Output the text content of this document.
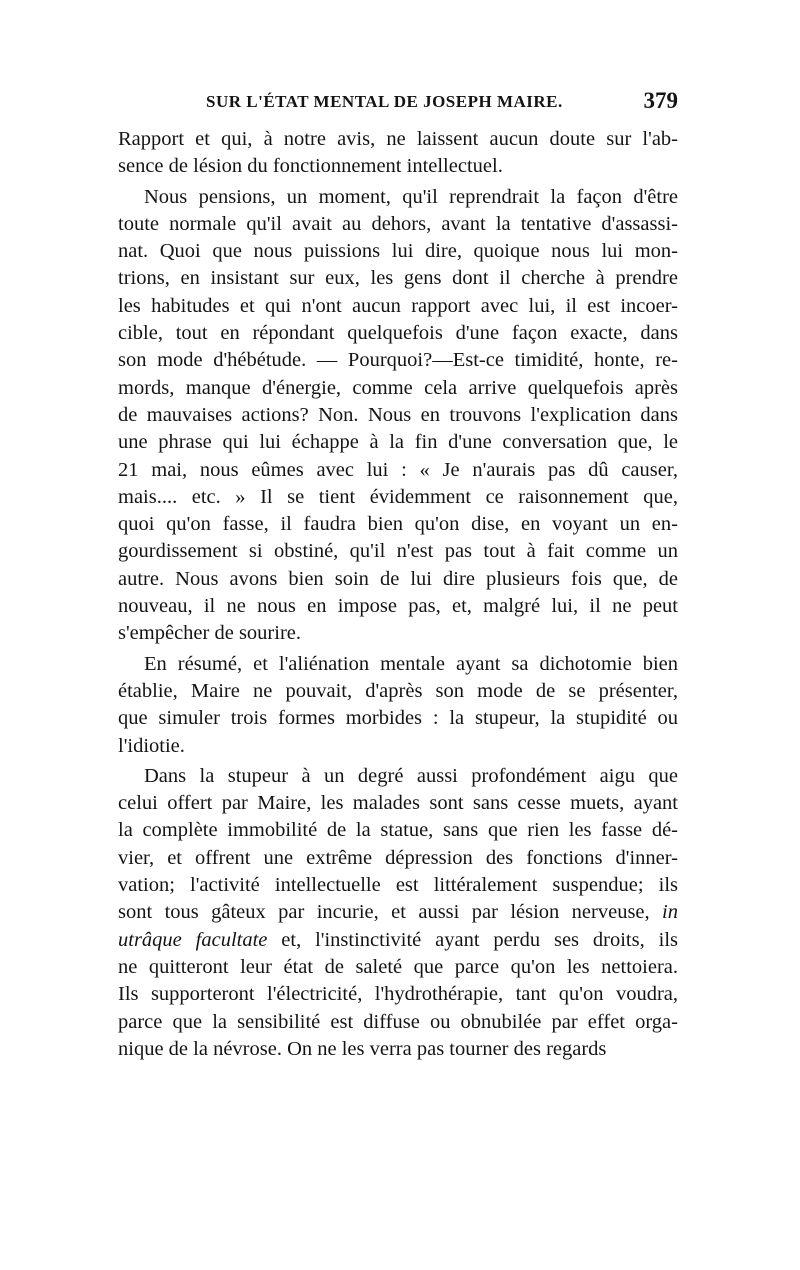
SUR L'ÉTAT MENTAL DE JOSEPH MAIRE.	379
Rapport et qui, à notre avis, ne laissent aucun doute sur l'ab-
sence de lésion du fonctionnement intellectuel.
Nous pensions, un moment, qu'il reprendrait la façon d'être
toute normale qu'il avait au dehors, avant la tentative d'assassi-
nat. Quoi que nous puissions lui dire, quoique nous lui mon-
trions, en insistant sur eux, les gens dont il cherche à prendre
les habitudes et qui n'ont aucun rapport avec lui, il est incoer-
cible, tout en répondant quelquefois d'une façon exacte, dans
son mode d'hébétude. — Pourquoi?—Est-ce timidité, honte, re-
mords, manque d'énergie, comme cela arrive quelquefois après
de mauvaises actions? Non. Nous en trouvons l'explication dans
une phrase qui lui échappe à la fin d'une conversation que, le
21 mai, nous eûmes avec lui : « Je n'aurais pas dû causer,
mais.... etc. » Il se tient évidemment ce raisonnement que,
quoi qu'on fasse, il faudra bien qu'on dise, en voyant un en-
gourdissement si obstiné, qu'il n'est pas tout à fait comme un
autre. Nous avons bien soin de lui dire plusieurs fois que, de
nouveau, il ne nous en impose pas, et, malgré lui, il ne peut
s'empêcher de sourire.
En résumé, et l'aliénation mentale ayant sa dichotomie bien
établie, Maire ne pouvait, d'après son mode de se présenter,
que simuler trois formes morbides : la stupeur, la stupidité ou
l'idiotie.
Dans la stupeur à un degré aussi profondément aigu que
celui offert par Maire, les malades sont sans cesse muets, ayant
la complète immobilité de la statue, sans que rien les fasse dé-
vier, et offrent une extrême dépression des fonctions d'inner-
vation; l'activité intellectuelle est littéralement suspendue; ils
sont tous gâteux par incurie, et aussi par lésion nerveuse, in
utrâque facultate et, l'instinctivité ayant perdu ses droits, ils
ne quitteront leur état de saleté que parce qu'on les nettoiera.
Ils supporteront l'électricité, l'hydrothérapie, tant qu'on voudra,
parce que la sensibilité est diffuse ou obnubilée par effet orga-
nique de la névrose. On ne les verra pas tourner des regards
